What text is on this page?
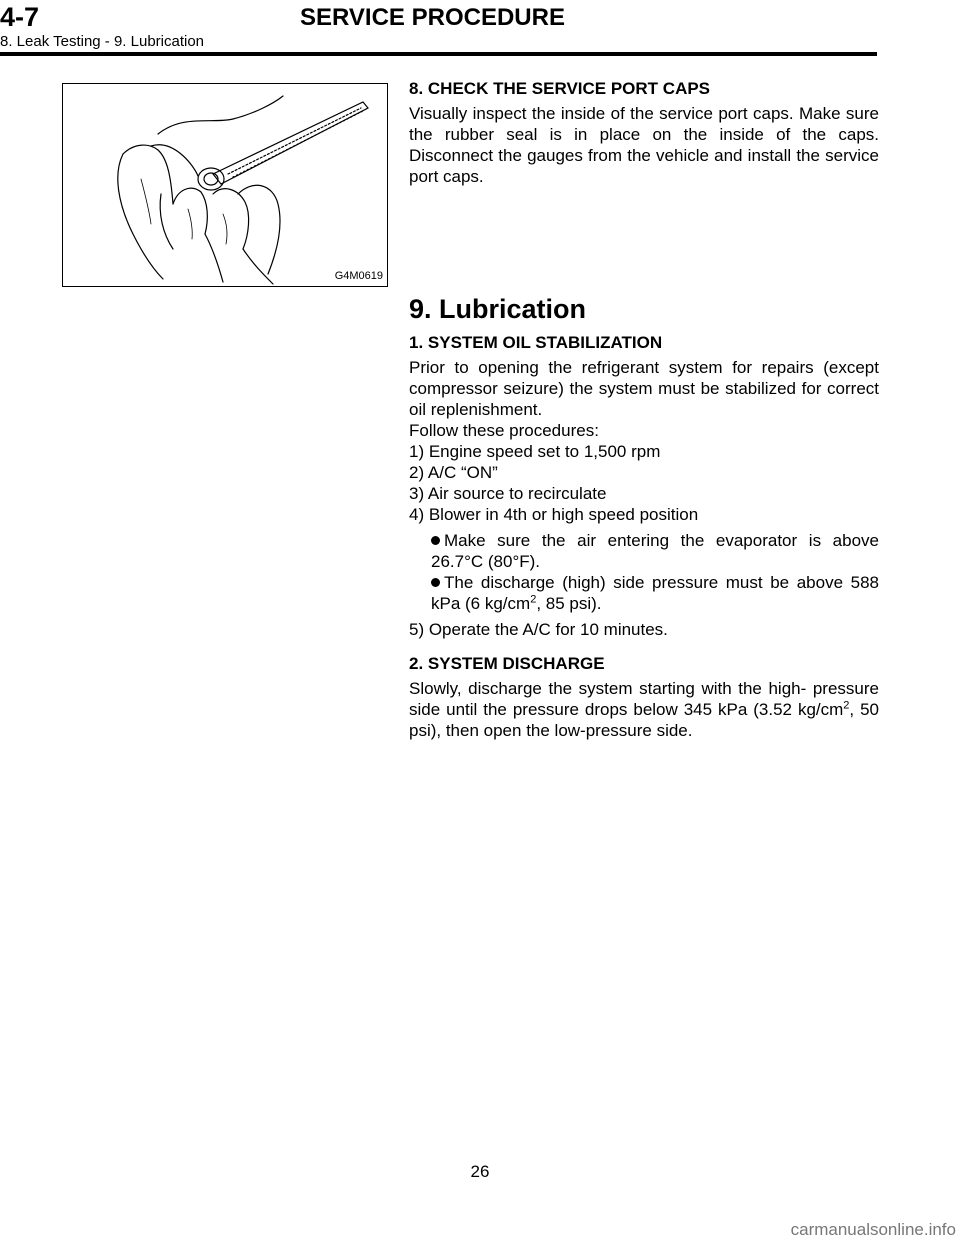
4-7	SERVICE PROCEDURE
8. Leak Testing - 9. Lubrication
G4M0619

8. CHECK THE SERVICE PORT CAPS

Visually inspect the inside of the service port caps. Make sure the rubber seal is in place on the inside of the caps. Disconnect the gauges from the vehicle and install the service port caps.

9. Lubrication

1. SYSTEM OIL STABILIZATION

Prior to opening the refrigerant system for repairs (except compressor seizure) the system must be stabilized for correct oil replenishment.

Follow these procedures:

1) Engine speed set to 1,500 rpm

2) A/C “ON”

3) Air source to recirculate

4) Blower in 4th or high speed position

Make sure the air entering the evaporator is above 26.7°C (80°F).

The discharge (high) side pressure must be above 588 kPa (6 $kg/cm^2$, 85 psi).

5) Operate the A/C for 10 minutes.

2. SYSTEM DISCHARGE

Slowly, discharge the system starting with the high- pressure side until the pressure drops below 345 kPa (3.52 $kg/cm^2$, 50 psi), then open the low-pressure side.

26
carmanualsonline.info
